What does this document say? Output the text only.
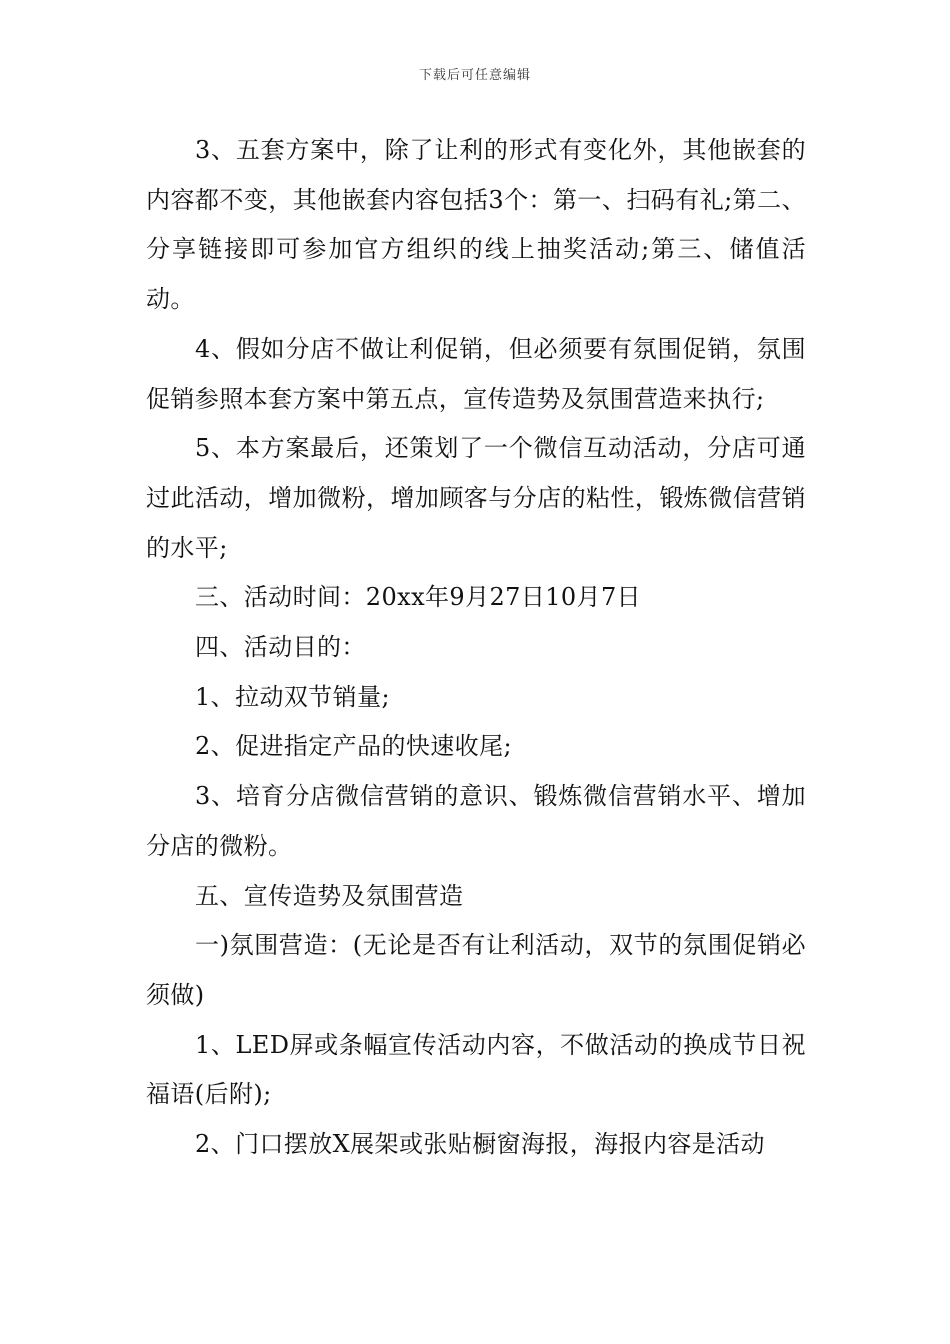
下载后可任意编辑

3、五套方案中，除了让利的形式有变化外，其他嵌套的内容都不变，其他嵌套内容包括3个：第一、扫码有礼;第二、分享链接即可参加官方组织的线上抽奖活动;第三、储值活动。

4、假如分店不做让利促销，但必须要有氛围促销，氛围促销参照本套方案中第五点，宣传造势及氛围营造来执行;

5、本方案最后，还策划了一个微信互动活动，分店可通过此活动，增加微粉，增加顾客与分店的粘性，锻炼微信营销的水平;

三、活动时间：20xx年9月27日10月7日

四、活动目的：

1、拉动双节销量;

2、促进指定产品的快速收尾;

3、培育分店微信营销的意识、锻炼微信营销水平、增加分店的微粉。

五、宣传造势及氛围营造

一)氛围营造：(无论是否有让利活动，双节的氛围促销必须做)

1、LED屏或条幅宣传活动内容，不做活动的换成节日祝福语(后附);

2、门口摆放X展架或张贴橱窗海报，海报内容是活动
